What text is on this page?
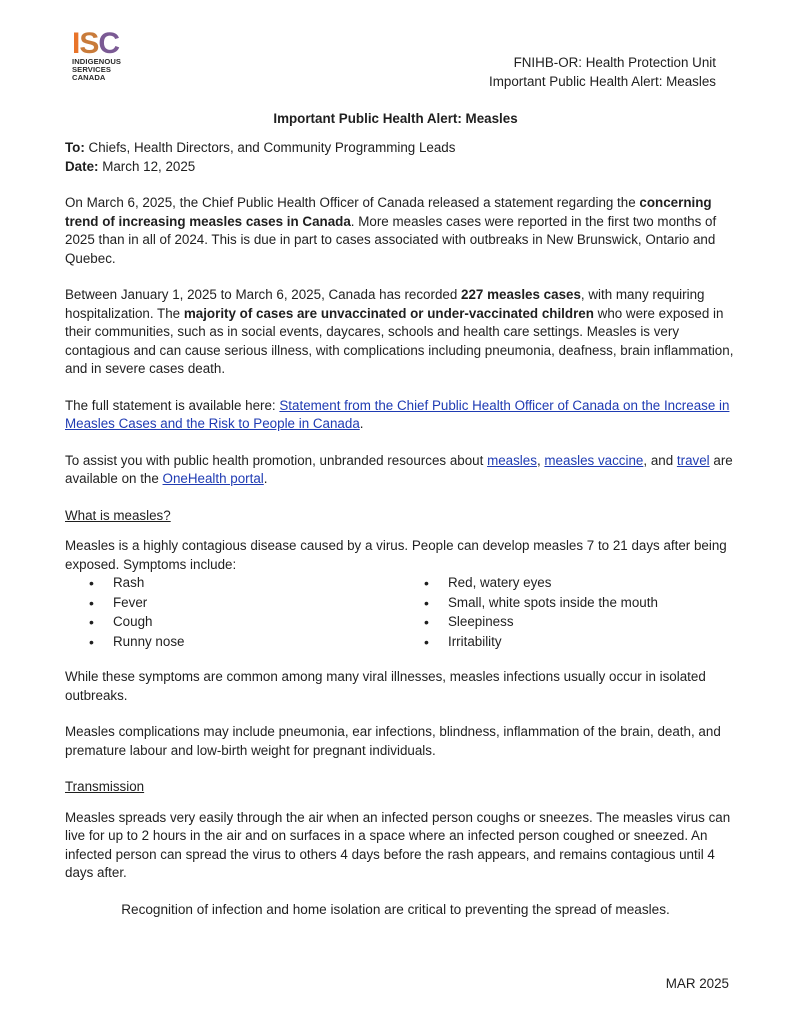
ISC
INDIGENOUS
SERVICES
CANADA
FNIHB-OR: Health Protection Unit
Important Public Health Alert: Measles
Important Public Health Alert: Measles

To: Chiefs, Health Directors, and Community Programming Leads
Date: March 12, 2025

On March 6, 2025, the Chief Public Health Officer of Canada released a statement regarding the concerning trend of increasing measles cases in Canada. More measles cases were reported in the first two months of 2025 than in all of 2024. This is due in part to cases associated with outbreaks in New Brunswick, Ontario and Quebec.

Between January 1, 2025 to March 6, 2025, Canada has recorded 227 measles cases, with many requiring hospitalization. The majority of cases are unvaccinated or under-vaccinated children who were exposed in their communities, such as in social events, daycares, schools and health care settings. Measles is very contagious and can cause serious illness, with complications including pneumonia, deafness, brain inflammation, and in severe cases death.

The full statement is available here: Statement from the Chief Public Health Officer of Canada on the Increase in Measles Cases and the Risk to People in Canada.

To assist you with public health promotion, unbranded resources about measles, measles vaccine, and travel are available on the OneHealth portal.

What is measles?
Measles is a highly contagious disease caused by a virus. People can develop measles 7 to 21 days after being exposed. Symptoms include:
• Rash
• Fever
• Cough
• Runny nose
• Red, watery eyes
• Small, white spots inside the mouth
• Sleepiness
• Irritability

While these symptoms are common among many viral illnesses, measles infections usually occur in isolated outbreaks.

Measles complications may include pneumonia, ear infections, blindness, inflammation of the brain, death, and premature labour and low-birth weight for pregnant individuals.

Transmission

Measles spreads very easily through the air when an infected person coughs or sneezes. The measles virus can live for up to 2 hours in the air and on surfaces in a space where an infected person coughed or sneezed. An infected person can spread the virus to others 4 days before the rash appears, and remains contagious until 4 days after.

Recognition of infection and home isolation are critical to preventing the spread of measles.

MAR 2025
